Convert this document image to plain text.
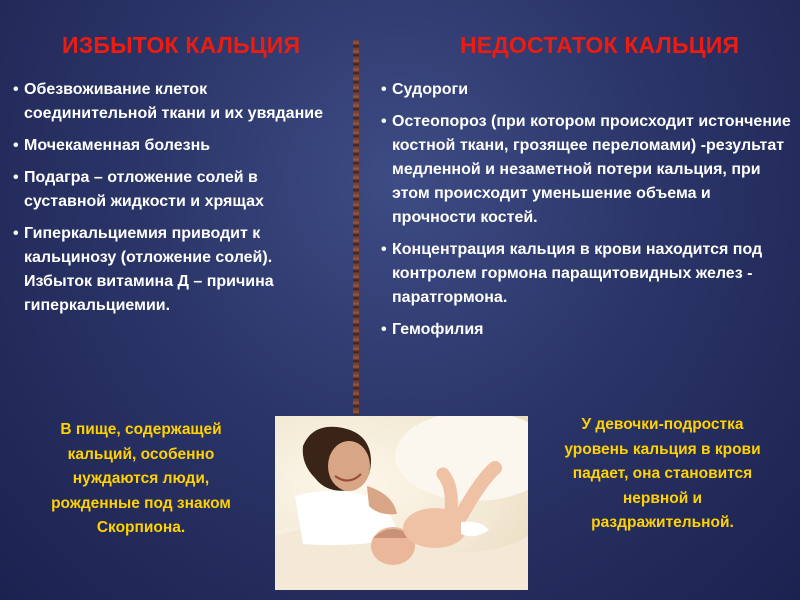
ИЗБЫТОК КАЛЬЦИЯ	НЕДОСТАТОК КАЛЬЦИЯ
• Обезвоживание клеток соединительной ткани и их увядание
• Мочекаменная болезнь
• Подагра – отложение солей в суставной жидкости и хрящах
• Гиперкальциемия приводит к кальцинозу (отложение солей). Избыток витамина Д – причина гиперкальциемии.
• Судороги
• Остеопороз (при котором происходит истончение костной ткани, грозящее переломами) -результат медленной и незаметной потери кальция, при этом происходит уменьшение объема и прочности костей.
• Концентрация кальция в крови находится под контролем гормона паращитовидных желез - паратгормона.
• Гемофилия

В пище, содержащей кальций, особенно нуждаются люди, рожденные под знаком Скорпиона.

У девочки-подростка уровень кальция в крови падает, она становится нервной и раздражительной.
